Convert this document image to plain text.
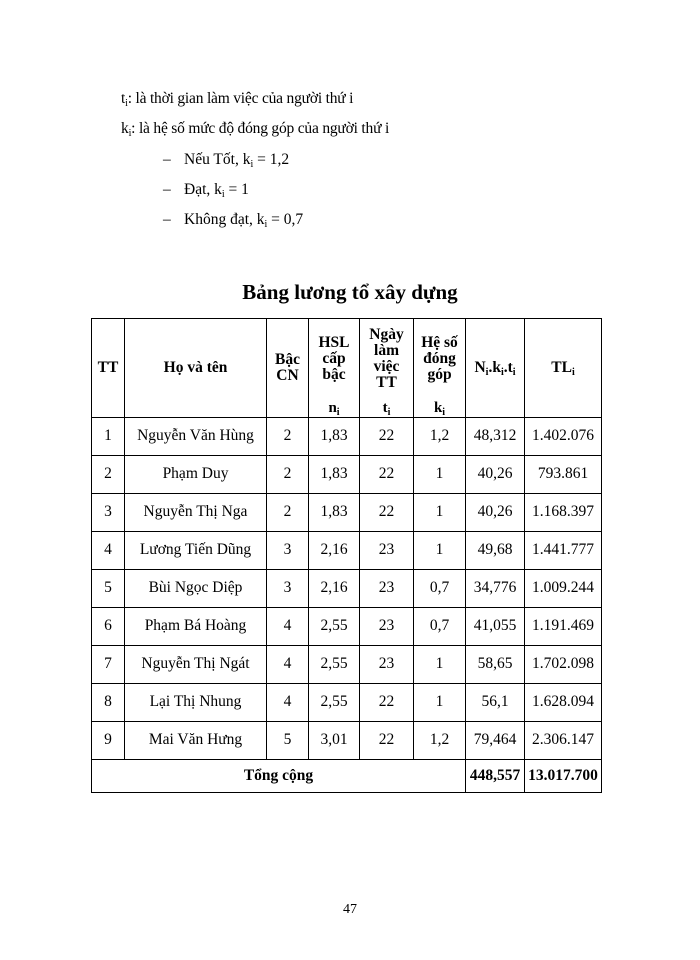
$t_i$: là thời gian làm việc của người thứ i
$k_i$: là hệ số mức độ đóng góp của người thứ i
– Nếu Tốt, $k_i = 1,2$
– Đạt, $k_i = 1$
– Không đạt, $k_i = 0,7$
Bảng lương tổ xây dựng
TT	Họ và tên	Bậc CN	HSL cấp bậc	Ngày làm việc TT	Hệ số đóng góp	$N_i.k_i.t_i$	$TL_i$
			$n_i$	$t_i$	$k_i$
1	Nguyễn Văn Hùng	2	1,83	22	1,2	48,312	1.402.076
2	Phạm Duy	2	1,83	22	1	40,26	793.861
3	Nguyễn Thị Nga	2	1,83	22	1	40,26	1.168.397
4	Lương Tiến Dũng	3	2,16	23	1	49,68	1.441.777
5	Bùi Ngọc Diệp	3	2,16	23	0,7	34,776	1.009.244
6	Phạm Bá Hoàng	4	2,55	23	0,7	41,055	1.191.469
7	Nguyễn Thị Ngát	4	2,55	23	1	58,65	1.702.098
8	Lại Thị Nhung	4	2,55	22	1	56,1	1.628.094
9	Mai Văn Hưng	5	3,01	22	1,2	79,464	2.306.147
Tổng cộng						448,557	13.017.700
47
